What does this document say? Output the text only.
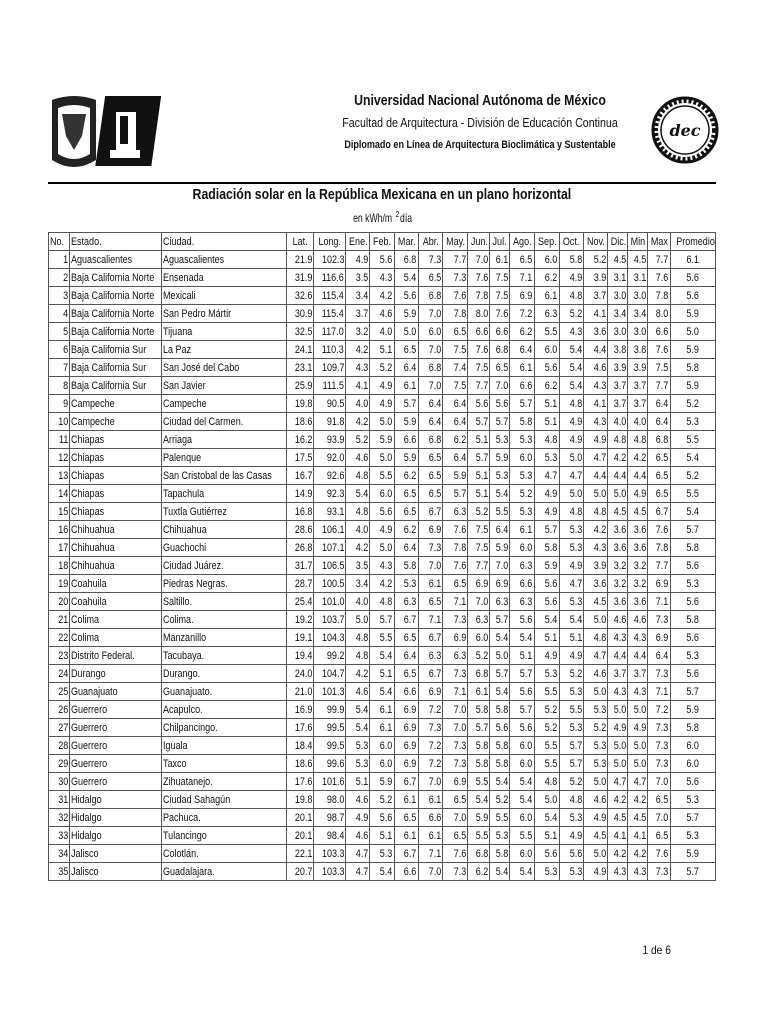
Universidad Nacional Autónoma de México
Facultad de Arquitectura - División de Educación Continua
Diplomado en Línea de Arquitectura Bioclimática y Sustentable
dec
Radiación solar en la República Mexicana en un plano horizontal
en kWh/m $^2$día
No.	Estado.	Ciudad.	Lat.	Long.	Ene.	Feb.	Mar.	Abr.	May.	Jun.	Jul.	Ago.	Sep.	Oct.	Nov.	Dic.	Min	Max	Promedio
1	Aguascalientes	Aguascalientes	21.9	102.3	4.9	5.6	6.8	7.3	7.7	7.0	6.1	6.5	6.0	5.8	5.2	4.5	4.5	7.7	6.1
2	Baja California Norte	Ensenada	31.9	116.6	3.5	4.3	5.4	6.5	7.3	7.6	7.5	7.1	6.2	4.9	3.9	3.1	3.1	7.6	5.6
3	Baja California Norte	Mexicali	32.6	115.4	3.4	4.2	5.6	6.8	7.6	7.8	7.5	6.9	6.1	4.8	3.7	3.0	3.0	7.8	5.6
4	Baja California Norte	San Pedro Mártir	30.9	115.4	3.7	4.6	5.9	7.0	7.8	8.0	7.6	7.2	6.3	5.2	4.1	3.4	3.4	8.0	5.9
5	Baja California Norte	Tijuana	32.5	117.0	3.2	4.0	5.0	6.0	6.5	6.6	6.6	6.2	5.5	4.3	3.6	3.0	3.0	6.6	5.0
6	Baja California Sur	La Paz	24.1	110.3	4.2	5.1	6.5	7.0	7.5	7.6	6.8	6.4	6.0	5.4	4.4	3.8	3.8	7.6	5.9
7	Baja California Sur	San José del Cabo	23.1	109.7	4.3	5.2	6.4	6.8	7.4	7.5	6.5	6.1	5.6	5.4	4.6	3.9	3.9	7.5	5.8
8	Baja California Sur	San Javier	25.9	111.5	4.1	4.9	6.1	7.0	7.5	7.7	7.0	6.6	6.2	5.4	4.3	3.7	3.7	7.7	5.9
9	Campeche	Campeche	19.8	90.5	4.0	4.9	5.7	6.4	6.4	5.6	5.6	5.7	5.1	4.8	4.1	3.7	3.7	6.4	5.2
10	Campeche	Ciudad del Carmen.	18.6	91.8	4.2	5.0	5.9	6.4	6.4	5.7	5.7	5.8	5.1	4.9	4.3	4.0	4.0	6.4	5.3
11	Chiapas	Arriaga	16.2	93.9	5.2	5.9	6.6	6.8	6.2	5.1	5.3	5.3	4.8	4.9	4.9	4.8	4.8	6.8	5.5
12	Chiapas	Palenque	17.5	92.0	4.6	5.0	5.9	6.5	6.4	5.7	5.9	6.0	5.3	5.0	4.7	4.2	4.2	6.5	5.4
13	Chiapas	San Cristobal de las Casas	16.7	92.6	4.8	5.5	6.2	6.5	5.9	5.1	5.3	5.3	4.7	4.7	4.4	4.4	4.4	6.5	5.2
14	Chiapas	Tapachula	14.9	92.3	5.4	6.0	6.5	6.5	5.7	5.1	5.4	5.2	4.9	5.0	5.0	5.0	4.9	6.5	5.5
15	Chiapas	Tuxtla Gutiérrez	16.8	93.1	4.8	5.6	6.5	6.7	6.3	5.2	5.5	5.3	4.9	4.8	4.8	4.5	4.5	6.7	5.4
16	Chihuahua	Chihuahua	28.6	106.1	4.0	4.9	6.2	6.9	7.6	7.5	6.4	6.1	5.7	5.3	4.2	3.6	3.6	7.6	5.7
17	Chihuahua	Guachochi	26.8	107.1	4.2	5.0	6.4	7.3	7.8	7.5	5.9	6.0	5.8	5.3	4.3	3.6	3.6	7.8	5.8
18	Chihuahua	Ciudad Juárez.	31.7	106.5	3.5	4.3	5.8	7.0	7.6	7.7	7.0	6.3	5.9	4.9	3.9	3.2	3.2	7.7	5.6
19	Coahuila	Piedras Negras.	28.7	100.5	3.4	4.2	5.3	6.1	6.5	6.9	6.9	6.6	5.6	4.7	3.6	3.2	3.2	6.9	5.3
20	Coahuila	Saltillo.	25.4	101.0	4.0	4.8	6.3	6.5	7.1	7.0	6.3	6.3	5.6	5.3	4.5	3.6	3.6	7.1	5.6
21	Colima	Colima.	19.2	103.7	5.0	5.7	6.7	7.1	7.3	6.3	5.7	5.6	5.4	5.4	5.0	4.6	4.6	7.3	5.8
22	Colima	Manzanillo	19.1	104.3	4.8	5.5	6.5	6.7	6.9	6.0	5.4	5.4	5.1	5.1	4.8	4.3	4.3	6.9	5.6
23	Distrito Federal.	Tacubaya.	19.4	99.2	4.8	5.4	6.4	6.3	6.3	5.2	5.0	5.1	4.9	4.9	4.7	4.4	4.4	6.4	5.3
24	Durango	Durango.	24.0	104.7	4.2	5.1	6.5	6.7	7.3	6.8	5.7	5.7	5.3	5.2	4.6	3.7	3.7	7.3	5.6
25	Guanajuato	Guanajuato.	21.0	101.3	4.6	5.4	6.6	6.9	7.1	6.1	5.4	5.6	5.5	5.3	5.0	4.3	4.3	7.1	5.7
26	Guerrero	Acapulco.	16.9	99.9	5.4	6.1	6.9	7.2	7.0	5.8	5.8	5.7	5.2	5.5	5.3	5.0	5.0	7.2	5.9
27	Guerrero	Chilpancingo.	17.6	99.5	5.4	6.1	6.9	7.3	7.0	5.7	5.6	5.6	5.2	5.3	5.2	4.9	4.9	7.3	5.8
28	Guerrero	Iguala	18.4	99.5	5.3	6.0	6.9	7.2	7.3	5.8	5.8	6.0	5.5	5.7	5.3	5.0	5.0	7.3	6.0
29	Guerrero	Taxco	18.6	99.6	5.3	6.0	6.9	7.2	7.3	5.8	5.8	6.0	5.5	5.7	5.3	5.0	5.0	7.3	6.0
30	Guerrero	Zihuatanejo.	17.6	101.6	5.1	5.9	6.7	7.0	6.9	5.5	5.4	5.4	4.8	5.2	5.0	4.7	4.7	7.0	5.6
31	Hidalgo	Ciudad Sahagún	19.8	98.0	4.6	5.2	6.1	6.1	6.5	5.4	5.2	5.4	5.0	4.8	4.6	4.2	4.2	6.5	5.3
32	Hidalgo	Pachuca.	20.1	98.7	4.9	5.6	6.5	6.6	7.0	5.9	5.5	6.0	5.4	5.3	4.9	4.5	4.5	7.0	5.7
33	Hidalgo	Tulancingo	20.1	98.4	4.6	5.1	6.1	6.1	6.5	5.5	5.3	5.5	5.1	4.9	4.5	4.1	4.1	6.5	5.3
34	Jalisco	Colotlán.	22.1	103.3	4.7	5.3	6.7	7.1	7.6	6.8	5.8	6.0	5.6	5.6	5.0	4.2	4.2	7.6	5.9
35	Jalisco	Guadalajara.	20.7	103.3	4.7	5.4	6.6	7.0	7.3	6.2	5.4	5.4	5.3	5.3	4.9	4.3	4.3	7.3	5.7
1 de 6
